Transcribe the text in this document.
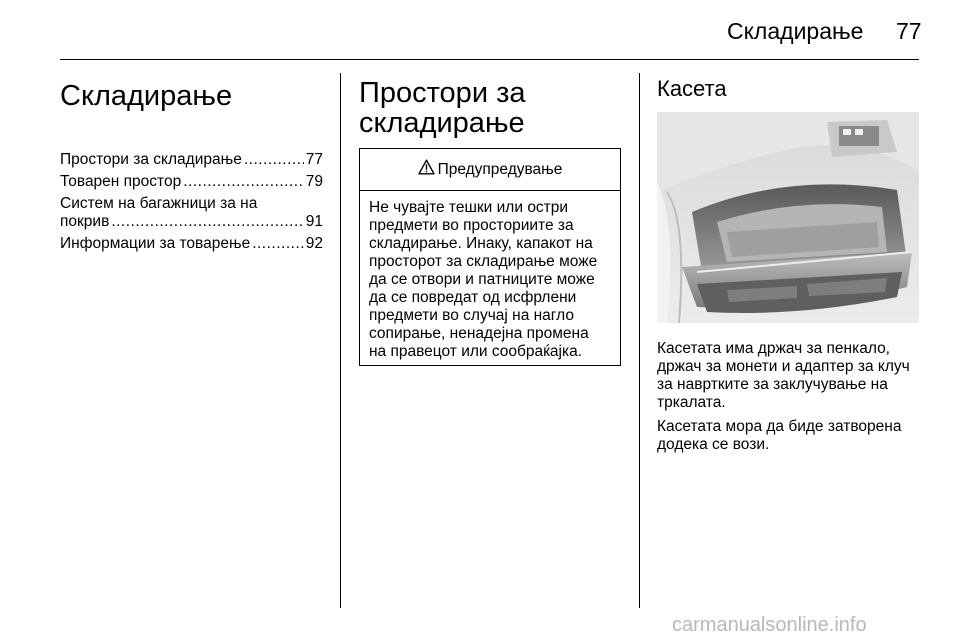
Складирање 77
Складирање
Простори за складирање .....	77
Товарен простор .....	79
Систем на багажници за на
покрив .....	91
Информации за товарење .....	92
Простори за
складирање
Предупредување
Не чувајте тешки или остри
предмети во просториите за
складирање. Инаку, капакот на
просторот за складирање може
да се отвори и патниците може
да се повредат од исфрлени
предмети во случај на нагло
сопирање, ненадејна промена
на правецот или сообраќајка.
Касета

Касетата има држач за пенкало,
држач за монети и адаптер за клуч
за навртките за заклучување на
тркалата.

Касетата мора да биде затворена
додека се вози.

carmanualsonline.info
